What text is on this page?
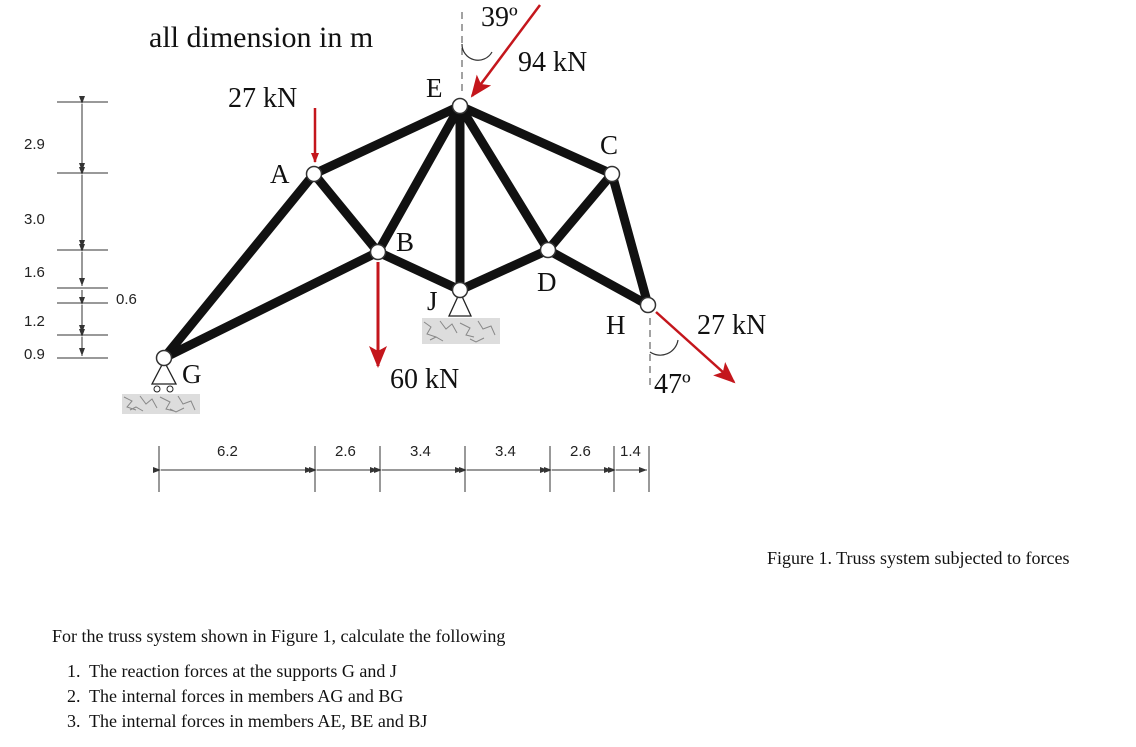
all dimension in m
A
B
C
D
E
G
H
J
27 kN
60 kN
39º
94 kN
47º
27 kN
2.9
3.0
1.6
0.6
1.2
0.9
6.2	2.6	3.4	3.4	2.6 1.4
Figure 1. Truss system subjected to forces

For the truss system shown in Figure 1, calculate the following

1. The reaction forces at the supports G and J
2. The internal forces in members AG and BG
3. The internal forces in members AE, BE and BJ
